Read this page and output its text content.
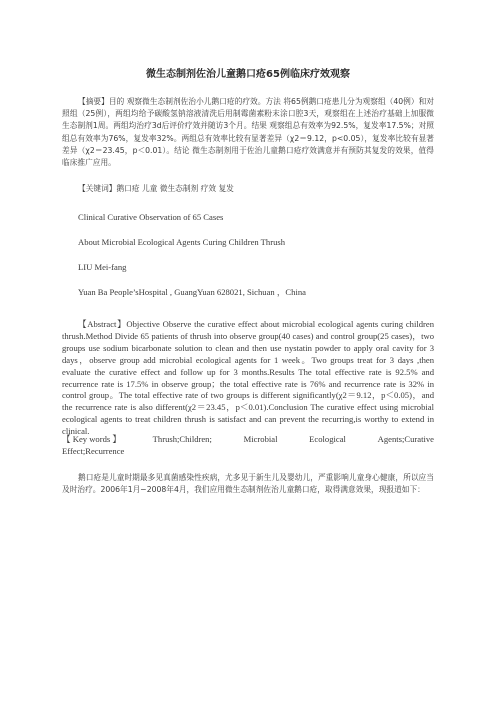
微生态制剂佐治儿童鹅口疮65例临床疗效观察

【摘要】目的 观察微生态制剂佐治小儿鹅口疮的疗效。方法 将65例鹅口疮患儿分为观察组（40例）和对照组（25例），两组均给予碳酸氢钠溶液清洗后用制霉菌素粉末涂口腔3天，观察组在上述治疗基础上加服微生态制剂1周。两组均治疗3d后评价疗效并随访3个月。结果 观察组总有效率为92.5%，复发率17.5%；对照组总有效率为76%，复发率32%。两组总有效率比较有显著差异（χ2＝9.12，p<0.05），复发率比较有显著差异（χ2＝23.45，p＜0.01）。结论 微生态制剂用于佐治儿童鹅口疮疗效满意并有预防其复发的效果，值得临床推广应用。

【关键词】鹅口疮 儿童 微生态制剂 疗效 复发

Clinical Curative Observation of 65 Cases

About Microbial Ecological Agents Curing Children Thrush

LIU Mei-fang

Yuan Ba People’sHospital , GuangYuan 628021, Sichuan ，China

【Abstract】Objective Observe the curative effect about microbial ecological agents curing children thrush.Method Divide 65 patients of thrush into observe group(40 cases) and control group(25 cases)，two groups use sodium bicarbonate solution to clean and then use nystatin powder to apply oral cavity for 3 days，observe group add microbial ecological agents for 1 week。Two groups treat for 3 days ,then evaluate the curative effect and follow up for 3 months.Results The total effective rate is 92.5% and recurrence rate is 17.5% in observe group；the total effective rate is 76% and recurrence rate is 32% in control group。The total effective rate of two groups is different significantly(χ2＝9.12，p＜0.05)，and the recurrence rate is also different(χ2＝23.45，p＜0.01).Conclusion The curative effect using microbial ecological agents to treat children thrush is satisfact and can prevent the recurring,is worthy to extend in clinical.

【 Key words 】	Thrush;Children;	Microbial	Ecological	Agents;Curative
Effect;Recurrence

鹅口疮是儿童时期最多见真菌感染性疾病，尤多见于新生儿及婴幼儿，严重影响儿童身心健康，所以应当及时治疗。2006年1月−2008年4月，我们应用微生态制剂佐治儿童鹅口疮，取得满意效果，现报道如下：
